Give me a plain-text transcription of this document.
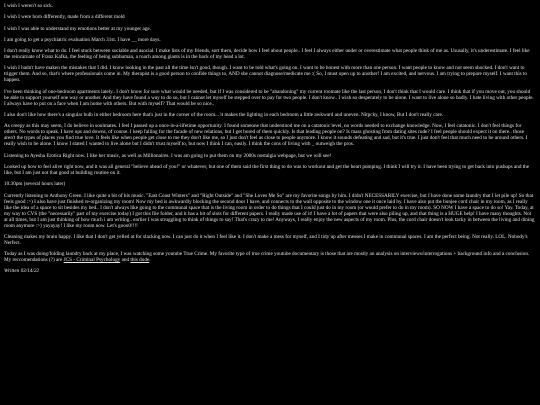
I wish I weren't so sick.

I wish I were born differently, made from a different mold

I wish I was able to understand my emotions better at my younger age.

I am going to get a psychiatric evaluation March 31st. I have __ more days.

I don't really know what to do. I feel stuck between sociable and asocial. I make lists of my friends, sort them, decide how I feel about people.. I feel I always either under or overestimate what people think of me as. Ususally, it's underestimate. I feel like the reincarnate of Franz Kafka, the feeling of being subhuman, a roach among giants is in the back of my head a lot.

I wish I hadn't have maken the mistakes that I did. I know looking in the past all the time isn't good, though. I want to be told what's going on. I want to be honest with more than one person. I want people to know and not seem shocked. I don't want to trigger them. And so, that's where professionals come in. My therapist is a good person to confide things to, AND she cannot diagnose/medicate me :( So, I must open up to another! I am excited, and nervous. I am trying to prepare myself. I want this to happen.

I've been thinking of one-bedroom apartments lately.. I don't know for sure what would be needed, but if I was considered to be "abandoning" my current roomate like the last person, I don't think that I would care. I think that if you move out, you should be able to support yourself one way or another. And they have found a way to do so, but I cannot let myself be stepped over to pay for two people. I don't know.. I wish so desperately to be alone. I want to live alone so badly. I hate living with other people. I always have to put on a face when I am home with others. But with myself? That would be so nice..

I also don't like how there's a singular bulb in either bedroom here that's just in the corner of the room... it makes the lighting in each bedroom a little awkward and uneven. Nitpcky, I know, But I don't really care.

As creepy as this may seem, I do believe in soulmates. I feel I passed up a once-in-a-lifetime opportunity. I found someone that understood me on a catatonic level, no words needed to exchange knowledge. Now, I feel catatonic. I don't feel things for others. No words to speak. I have ups and downs, of course. I keep falling for the facade of new relations, but I get bored of them quickly. Is that leading people on? Is mass ghosting from dating sites rude? I feel people should expect it on there.. those aren't the types of places you find true love. It feels like when people get close to me they don't like me, so I just don't feel as close to people anymore. I know it sounds defeating and sad, but it's true. I just don't feel that much need to be around others. I really wish to be alone. I know I stated I wanted to live alone but I didn't trust myself to, but now I think I can, easily. I think the cons of living with _ outweigh the pros.

Listening to Ayesha Erotica Right now. I like her music, as well as Millionaires. I was am going to put them on my 2000s nostalgia webpage, but we will see!

Looked up how to feel alive right now, and it was all general "believe ahead of you!" or whatever, but one of them said the first thing to do was to workout and get the heart pumping. I think I will try it. I have been trying to get back into pushups and the like, but I am just not that good at building routine on it.

10:30pm (several hours later)

Currently listening to Anthony Green. I like quite a bit of his music. "East Coast Winters" and "Right Outside" and "She Loves Me So" are my favorite songs by him. I didn't NECESSARILY exercise, but I have done some laundry that I let pile up! So that feels good :>) I also have just finished re-organizing my room! Now my bed is awkwardly blocking the second door I have, and connects to the wall opposite to the window one it once laid by. I have also put the bunjee cord chair in my room, as I really like the idea of a space to sit besides my bed.. I don't always like going to the communal space that is the living room in order to do things that I could just do in my room (or would prefer to do in my room). SO NOW I have a space to do so! Yay. Today, at my way to CVS (the "necessarily" part of my exercise today) I got this file folder, and it has a bit of slots for different papers. I really made use of it! I have a lot of papers that were also piling up, and that thing is a HUGE help! I have many thoughts. Not at all times, but I am just thinking of how much i am writing.. earlier I was struggling to think of things to say! That's crazy to me! Anyways, I really enjoy the new aspects of my room. Plus, the cord chair doesn't look tacky in between the living and dining room anymore :>) yayayay! I like my room now. Let's gooo0!!!!

Cleaning makes my brain happy. I like that I don't get yelled at for slacking now. I can just do it when I feel like it. I don't make a mess for myself, and I tidy up after messes I make in communal spaces. I am the perfect being. Not really. LOL. Nobody's Nerfect.

Today as I was doing/folding laundry back at my place, I was watching some youtube True Crime. My favorite type of true crime youtube documentary is those that are mostly an analysis on interviews/interrogations + background info and a conclusion. My reccomendations (?) are JCS - Criminal Psychology and this dude.

Written 03/14/22
